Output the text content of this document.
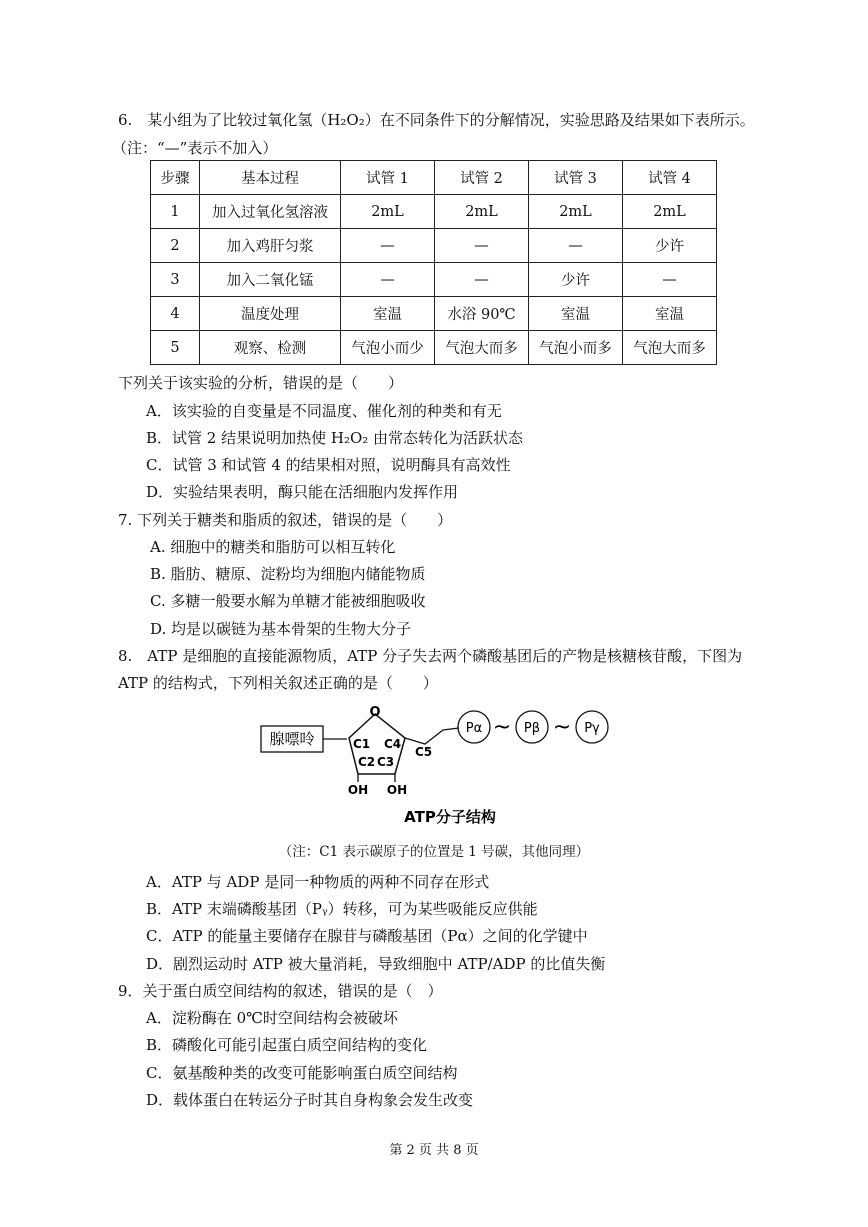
6.　某小组为了比较过氧化氢（H₂O₂）在不同条件下的分解情况，实验思路及结果如下表所示。
（注：“—”表示不加入）
步骤	基本过程	试管 1	试管 2	试管 3	试管 4
1	加入过氧化氢溶液	2mL	2mL	2mL	2mL
2	加入鸡肝匀浆	—	—	—	少许
3	加入二氧化锰	—	—	少许	—
4	温度处理	室温	水浴 90℃	室温	室温
5	观察、检测	气泡小而少	气泡大而多	气泡小而多	气泡大而多
下列关于该实验的分析，错误的是（　　）
A．该实验的自变量是不同温度、催化剂的种类和有无
B．试管 2 结果说明加热使 H₂O₂ 由常态转化为活跃状态
C．试管 3 和试管 4 的结果相对照，说明酶具有高效性
D．实验结果表明，酶只能在活细胞内发挥作用
7. 下列关于糖类和脂质的叙述，错误的是（　　）
A. 细胞中的糖类和脂肪可以相互转化
B. 脂肪、糖原、淀粉均为细胞内储能物质
C. 多糖一般要水解为单糖才能被细胞吸收
D. 均是以碳链为基本骨架的生物大分子
8.　ATP 是细胞的直接能源物质，ATP 分子失去两个磷酸基团后的产物是核糖核苷酸，下图为
ATP 的结构式，下列相关叙述正确的是（　　）
腺嘌呤
O
C1 C4
C2 C3
OH OH
C5
Pα ~ Pβ ~ Pγ
ATP分子结构
（注：C1 表示碳原子的位置是 1 号碳，其他同理）
A．ATP 与 ADP 是同一种物质的两种不同存在形式
B．ATP 末端磷酸基团（Pᵧ）转移，可为某些吸能反应供能
C．ATP 的能量主要储存在腺苷与磷酸基团（Pα）之间的化学键中
D．剧烈运动时 ATP 被大量消耗，导致细胞中 ATP/ADP 的比值失衡
9．关于蛋白质空间结构的叙述，错误的是（　）
A．淀粉酶在 0℃时空间结构会被破坏
B．磷酸化可能引起蛋白质空间结构的变化
C．氨基酸种类的改变可能影响蛋白质空间结构
D．载体蛋白在转运分子时其自身构象会发生改变
第 2 页 共 8 页
